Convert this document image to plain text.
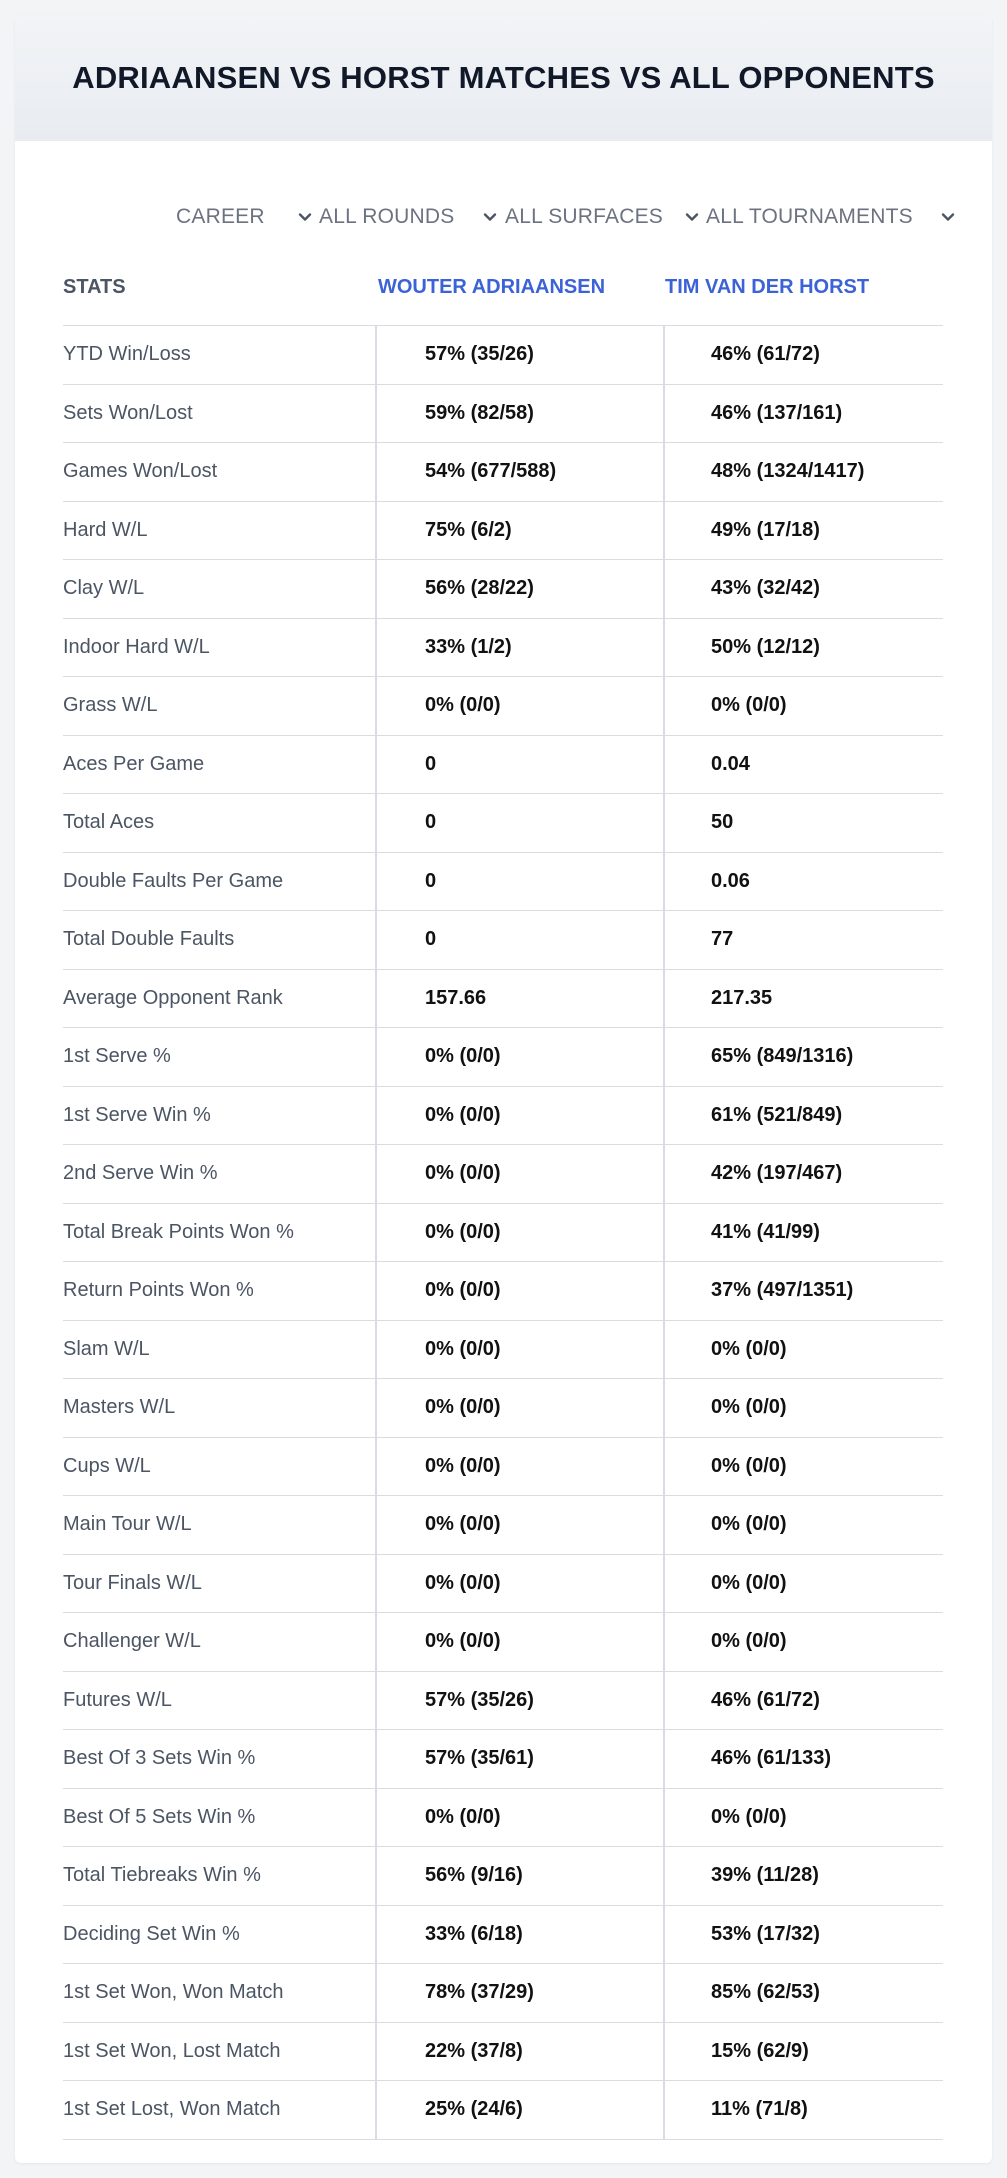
ADRIAANSEN VS HORST MATCHES VS ALL OPPONENTS
CAREER	ALL ROUNDS ALL SURFACES ALL TOURNAMENTS
STATS	WOUTER ADRIAANSEN	TIM VAN DER HORST
YTD Win/Loss	57% (35/26)	46% (61/72)
Sets Won/Lost	59% (82/58)	46% (137/161)
Games Won/Lost	54% (677/588)	48% (1324/1417)
Hard W/L	75% (6/2)	49% (17/18)
Clay W/L	56% (28/22)	43% (32/42)
Indoor Hard W/L	33% (1/2)	50% (12/12)
Grass W/L	0% (0/0)	0% (0/0)
Aces Per Game	0	0.04
Total Aces	0	50
Double Faults Per Game	0	0.06
Total Double Faults	0	77
Average Opponent Rank	157.66	217.35
1st Serve %	0% (0/0)	65% (849/1316)
1st Serve Win %	0% (0/0)	61% (521/849)
2nd Serve Win %	0% (0/0)	42% (197/467)
Total Break Points Won %	0% (0/0)	41% (41/99)
Return Points Won %	0% (0/0)	37% (497/1351)
Slam W/L	0% (0/0)	0% (0/0)
Masters W/L	0% (0/0)	0% (0/0)
Cups W/L	0% (0/0)	0% (0/0)
Main Tour W/L	0% (0/0)	0% (0/0)
Tour Finals W/L	0% (0/0)	0% (0/0)
Challenger W/L	0% (0/0)	0% (0/0)
Futures W/L	57% (35/26)	46% (61/72)
Best Of 3 Sets Win %	57% (35/61)	46% (61/133)
Best Of 5 Sets Win %	0% (0/0)	0% (0/0)
Total Tiebreaks Win %	56% (9/16)	39% (11/28)
Deciding Set Win %	33% (6/18)	53% (17/32)
1st Set Won, Won Match	78% (37/29)	85% (62/53)
1st Set Won, Lost Match	22% (37/8)	15% (62/9)
1st Set Lost, Won Match	25% (24/6)	11% (71/8)
